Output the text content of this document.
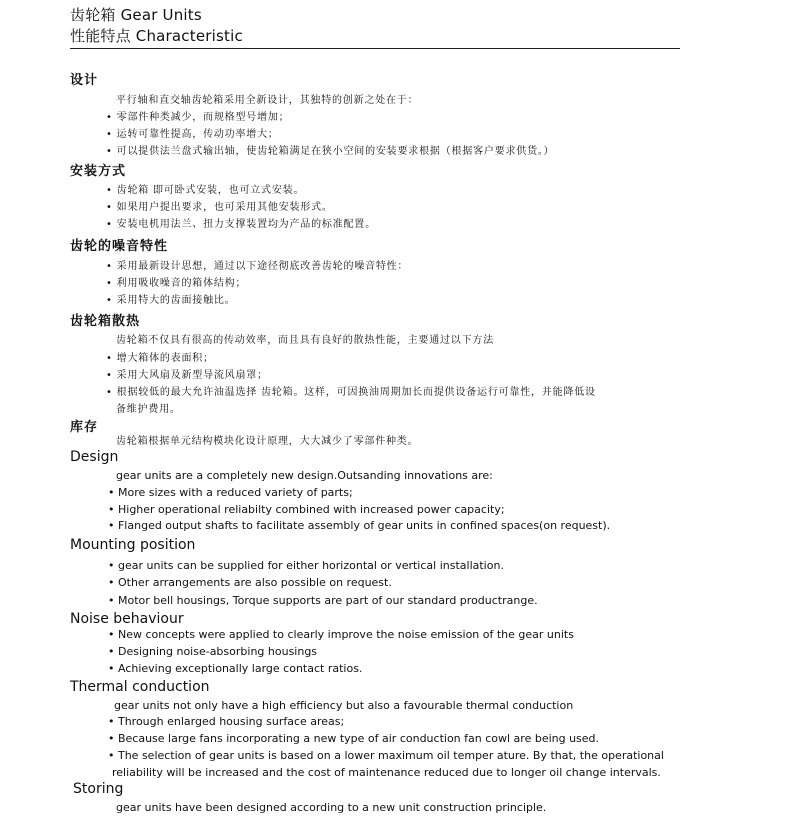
齿轮箱 Gear Units
性能特点 Characteristic
设计
平行轴和直交轴齿轮箱采用全新设计，其独特的创新之处在于：
• 零部件种类减少，而规格型号增加；
• 运转可靠性提高，传动功率增大；
• 可以提供法兰盘式输出轴，使齿轮箱满足在狭小空间的安装要求根据（根据客户要求供货。）
安装方式
• 齿轮箱 即可卧式安装，也可立式安装。
• 如果用户提出要求，也可采用其他安装形式。
• 安装电机用法兰、扭力支撑装置均为产品的标准配置。
齿轮的噪音特性
• 采用最新设计思想，通过以下途径彻底改善齿轮的噪音特性：
• 利用吸收噪音的箱体结构；
• 采用特大的齿面接触比。
齿轮箱散热
齿轮箱不仅具有很高的传动效率，而且具有良好的散热性能，主要通过以下方法
• 增大箱体的表面积；
• 采用大风扇及新型导流风扇罩；
• 根据较低的最大允许油温选择 齿轮箱。这样，可因换油周期加长而提供设备运行可靠性，并能降低设
备维护费用。
库存
齿轮箱根据单元结构模块化设计原理，大大减少了零部件种类。
Design
gear units are a completely new design.Outsanding innovations are:
• More sizes with a reduced variety of parts;
• Higher operational reliabilty combined with increased power capacity;
• Flanged output shafts to facilitate assembly of gear units in confined spaces(on request).
Mounting position
• gear units can be supplied for either horizontal or vertical installation.
• Other arrangements are also possible on request.
• Motor bell housings, Torque supports are part of our standard productrange.
Noise behaviour
• New concepts were applied to clearly improve the noise emission of the gear units
• Designing noise-absorbing housings
• Achieving exceptionally large contact ratios.
Thermal conduction
gear units not only have a high efficiency but also a favourable thermal conduction
• Through enlarged housing surface areas;
• Because large fans incorporating a new type of air conduction fan cowl are being used.
• The selection of gear units is based on a lower maximum oil temper ature. By that, the operational
reliability will be increased and the cost of maintenance reduced due to longer oil change intervals.
Storing
gear units have been designed according to a new unit construction principle.
